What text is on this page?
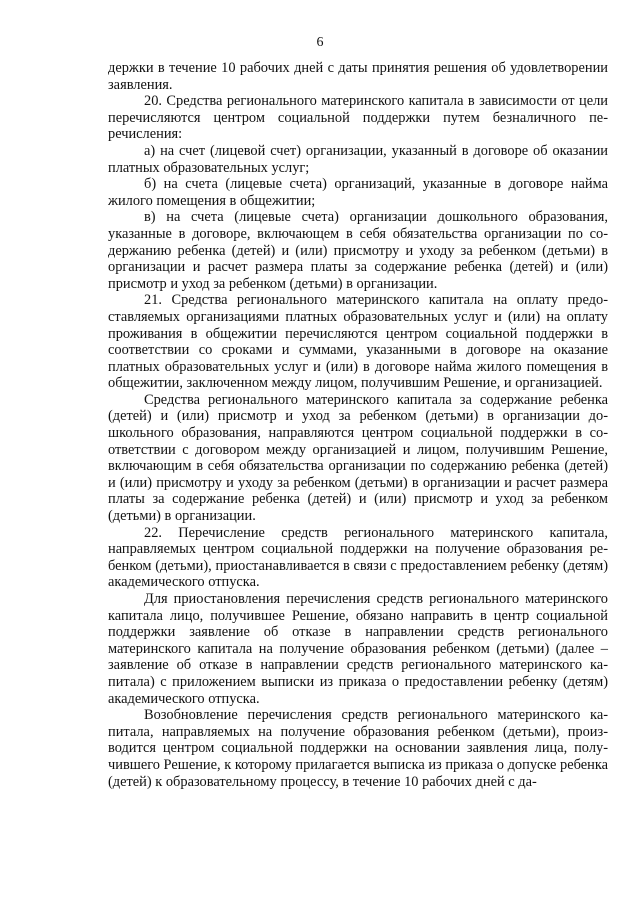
6

держки в течение 10 рабочих дней с даты принятия решения об удовлетворении заявления.

20. Средства регионального материнского капитала в зависимости от цели перечисляются центром социальной поддержки путем безналичного перечисления:

а) на счет (лицевой счет) организации, указанный в договоре об оказании платных образовательных услуг;

б) на счета (лицевые счета) организаций, указанные в договоре найма жилого помещения в общежитии;

в) на счета (лицевые счета) организации дошкольного образования, указанные в договоре, включающем в себя обязательства организации по содержанию ребенка (детей) и (или) присмотру и уходу за ребенком (детьми) в организации и расчет размера платы за содержание ребенка (детей) и (или) присмотр и уход за ребенком (детьми) в организации.

21. Средства регионального материнского капитала на оплату предоставляемых организациями платных образовательных услуг и (или) на оплату проживания в общежитии перечисляются центром социальной поддержки в соответствии со сроками и суммами, указанными в договоре на оказание платных образовательных услуг и (или) в договоре найма жилого помещения в общежитии, заключенном между лицом, получившим Решение, и организацией.

Средства регионального материнского капитала за содержание ребенка (детей) и (или) присмотр и уход за ребенком (детьми) в организации дошкольного образования, направляются центром социальной поддержки в соответствии с договором между организацией и лицом, получившим Решение, включающим в себя обязательства организации по содержанию ребенка (детей) и (или) присмотру и уходу за ребенком (детьми) в организации и расчет размера платы за содержание ребенка (детей) и (или) присмотр и уход за ребенком (детьми) в организации.

22. Перечисление средств регионального материнского капитала, направляемых центром социальной поддержки на получение образования ребенком (детьми), приостанавливается в связи с предоставлением ребенку (детям) академического отпуска.

Для приостановления перечисления средств регионального материнского капитала лицо, получившее Решение, обязано направить в центр социальной поддержки заявление об отказе в направлении средств регионального материнского капитала на получение образования ребенком (детьми) (далее – заявление об отказе в направлении средств регионального материнского капитала) с приложением выписки из приказа о предоставлении ребенку (детям) академического отпуска.

Возобновление перечисления средств регионального материнского капитала, направляемых на получение образования ребенком (детьми), производится центром социальной поддержки на основании заявления лица, получившего Решение, к которому прилагается выписка из приказа о допуске ребенка (детей) к образовательному процессу, в течение 10 рабочих дней с да-
